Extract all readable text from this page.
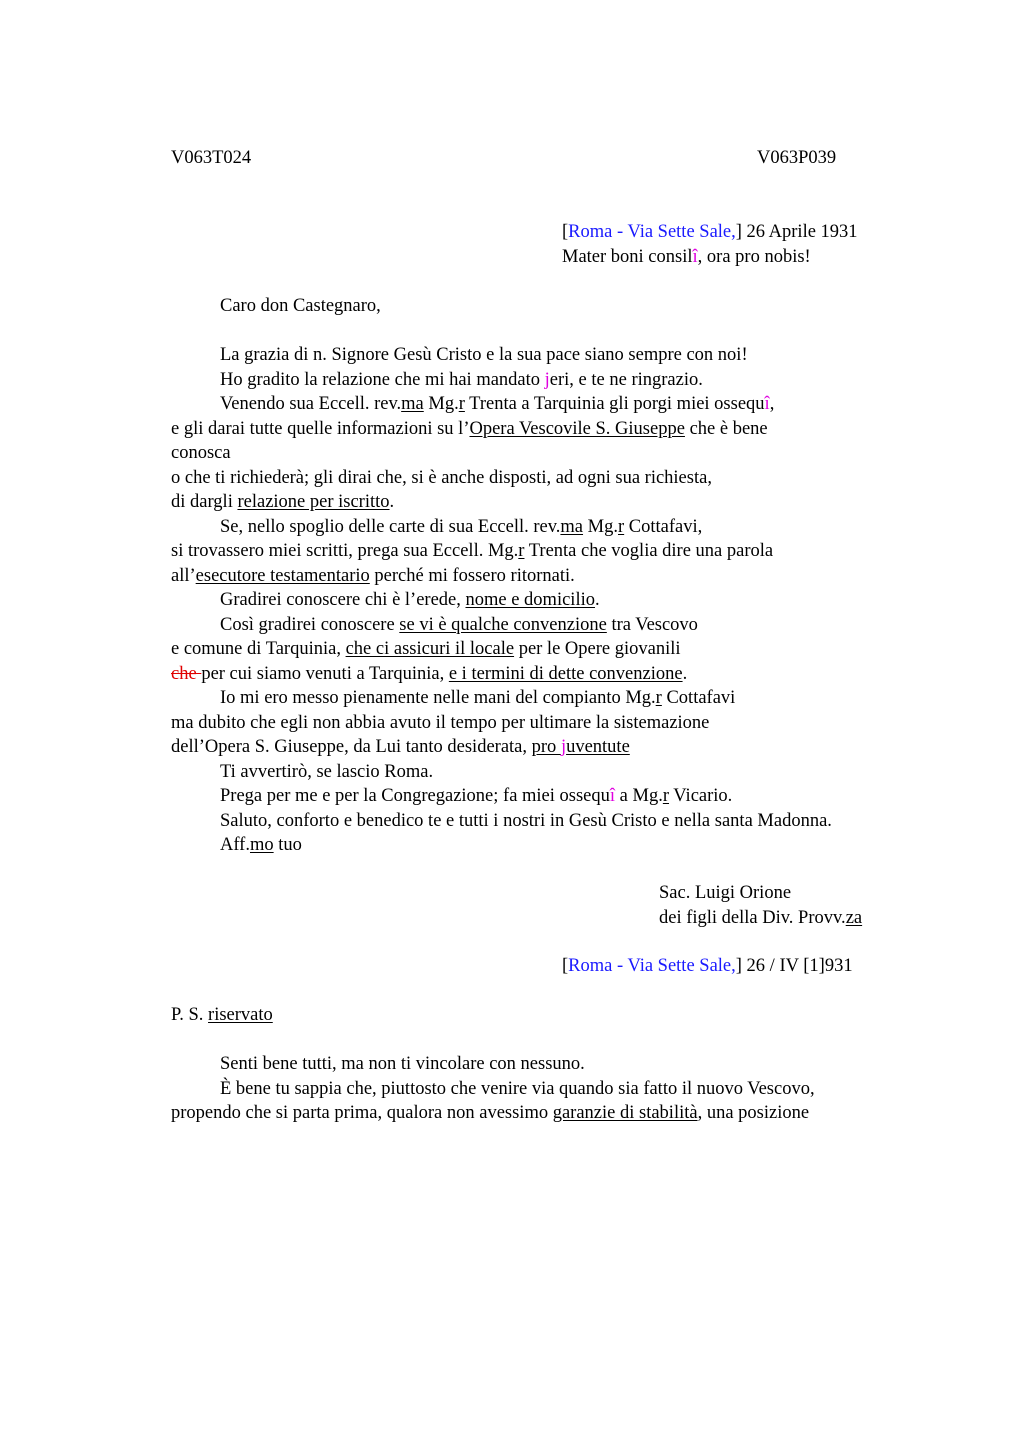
V063T024	V063P039
[Roma - Via Sette Sale,] 26 Aprile 1931
Mater boni consilî, ora pro nobis!
Caro don Castegnaro,
La grazia di n. Signore Gesù Cristo e la sua pace siano sempre con noi!
Ho gradito la relazione che mi hai mandato jeri, e te ne ringrazio.
Venendo sua Eccell. rev.ma Mg.r Trenta a Tarquinia gli porgi miei ossequî,
e gli darai tutte quelle informazioni su l’Opera Vescovile S. Giuseppe che è bene
conosca
o che ti richiederà; gli dirai che, si è anche disposti, ad ogni sua richiesta,
di dargli relazione per iscritto.
Se, nello spoglio delle carte di sua Eccell. rev.ma Mg.r Cottafavi,
si trovassero miei scritti, prega sua Eccell. Mg.r Trenta che voglia dire una parola
all’esecutore testamentario perché mi fossero ritornati.
Gradirei conoscere chi è l’erede, nome e domicilio.
Così gradirei conoscere se vi è qualche convenzione tra Vescovo
e comune di Tarquinia, che ci assicuri il locale per le Opere giovanili
che per cui siamo venuti a Tarquinia, e i termini di dette convenzione.
Io mi ero messo pienamente nelle mani del compianto Mg.r Cottafavi
ma dubito che egli non abbia avuto il tempo per ultimare la sistemazione
dell’Opera S. Giuseppe, da Lui tanto desiderata, pro juventute
Ti avvertirò, se lascio Roma.
Prega per me e per la Congregazione; fa miei ossequî a Mg.r Vicario.
Saluto, conforto e benedico te e tutti i nostri in Gesù Cristo e nella santa Madonna.
Aff.mo tuo
Sac. Luigi Orione
dei figli della Div. Provv.za
[Roma - Via Sette Sale,] 26 / IV [1]931
P. S. riservato
Senti bene tutti, ma non ti vincolare con nessuno.
È bene tu sappia che, piuttosto che venire via quando sia fatto il nuovo Vescovo,
propendo che si parta prima, qualora non avessimo garanzie di stabilità, una posizione
